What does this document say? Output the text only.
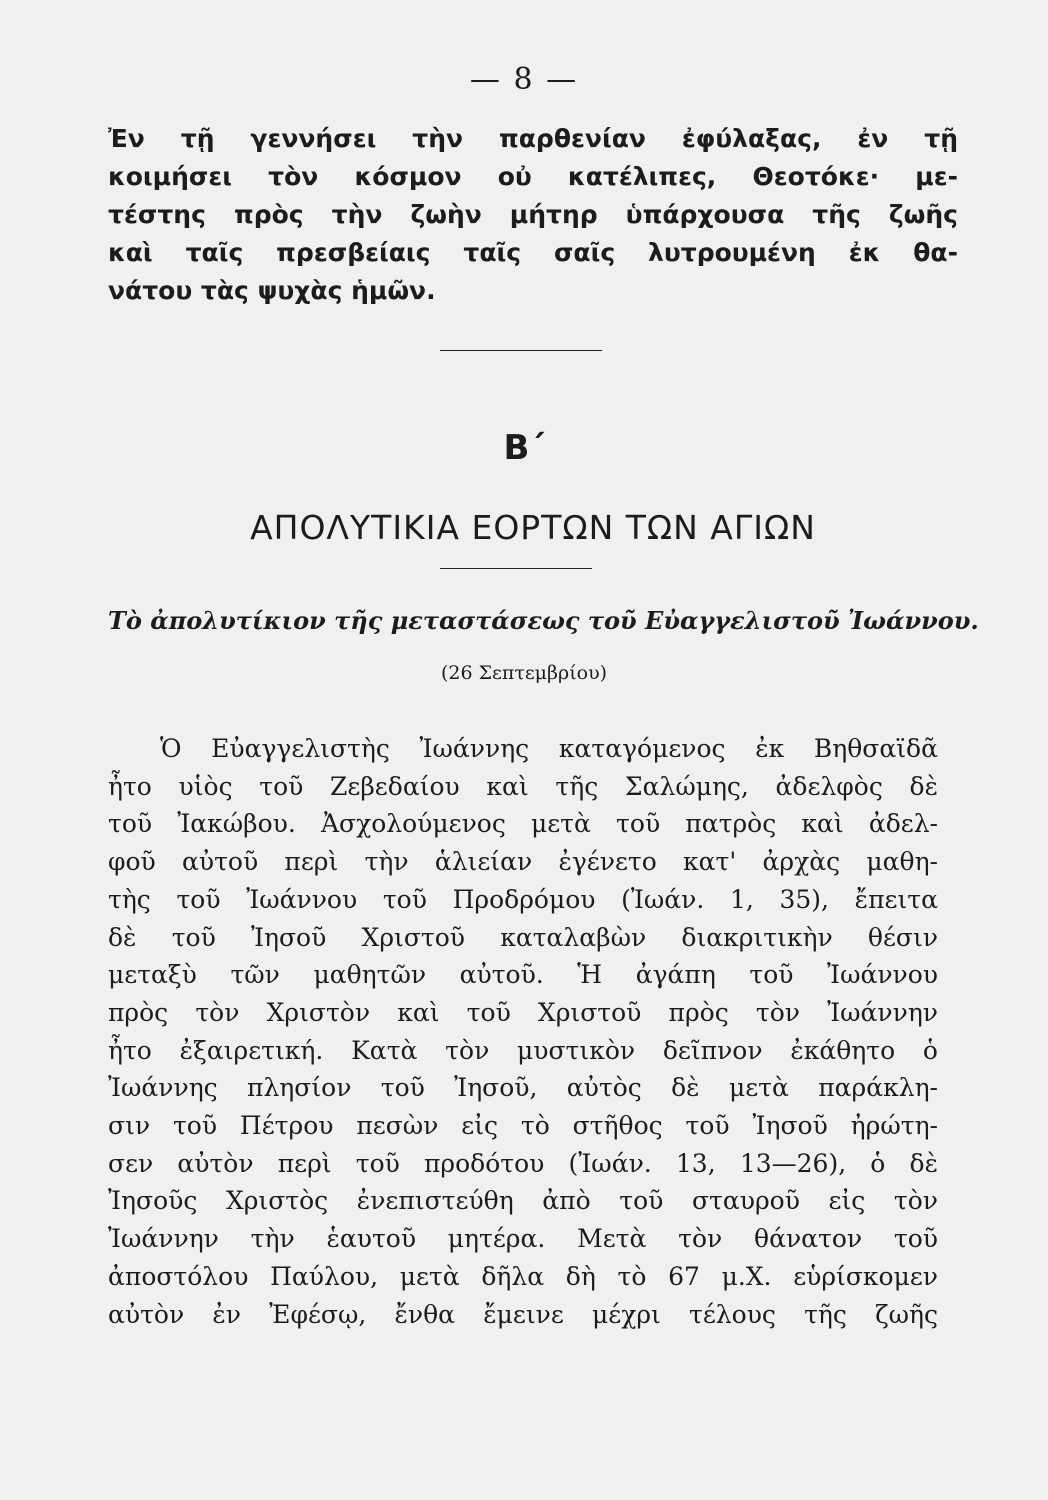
— 8 —
Ἐν τῇ γεννήσει τὴν παρθενίαν ἐφύλαξας, ἐν τῇ
κοιμήσει τὸν κόσμον οὐ κατέλιπες, Θεοτόκε· με-
τέστης πρὸς τὴν ζωὴν μήτηρ ὑπάρχουσα τῆς ζωῆς
καὶ ταῖς πρεσβείαις ταῖς σαῖς λυτρουμένη ἐκ θα-
νάτου τὰς ψυχὰς ἡμῶν.
Β΄
ΑΠΟΛΥΤΙΚΙΑ ΕΟΡΤΩΝ ΤΩΝ ΑΓΙΩΝ
Τὸ ἀπολυτίκιον τῆς μεταστάσεως τοῦ Εὐαγγελιστοῦ Ἰωάννου.
(26 Σεπτεμβρίου)
Ὁ Εὐαγγελιστὴς Ἰωάννης καταγόμενος ἐκ Βηθσαϊδᾶ
ἦτο υἱὸς τοῦ Ζεβεδαίου καὶ τῆς Σαλώμης, ἀδελφὸς δὲ
τοῦ Ἰακώβου. Ἀσχολούμενος μετὰ τοῦ πατρὸς καὶ ἀδελ-
φοῦ αὐτοῦ περὶ τὴν ἁλιείαν ἐγένετο κατ' ἀρχὰς μαθη-
τὴς τοῦ Ἰωάννου τοῦ Προδρόμου (Ἰωάν. 1, 35), ἔπειτα
δὲ τοῦ Ἰησοῦ Χριστοῦ καταλαβὼν διακριτικὴν θέσιν
μεταξὺ τῶν μαθητῶν αὐτοῦ. Ἡ ἀγάπη τοῦ Ἰωάννου
πρὸς τὸν Χριστὸν καὶ τοῦ Χριστοῦ πρὸς τὸν Ἰωάννην
ἦτο ἐξαιρετική. Κατὰ τὸν μυστικὸν δεῖπνον ἐκάθητο ὁ
Ἰωάννης πλησίον τοῦ Ἰησοῦ, αὐτὸς δὲ μετὰ παράκλη-
σιν τοῦ Πέτρου πεσὼν εἰς τὸ στῆθος τοῦ Ἰησοῦ ἠρώτη-
σεν αὐτὸν περὶ τοῦ προδότου (Ἰωάν. 13, 13—26), ὁ δὲ
Ἰησοῦς Χριστὸς ἐνεπιστεύθη ἀπὸ τοῦ σταυροῦ εἰς τὸν
Ἰωάννην τὴν ἑαυτοῦ μητέρα. Μετὰ τὸν θάνατον τοῦ
ἀποστόλου Παύλου, μετὰ δῆλα δὴ τὸ 67 μ.Χ. εὑρίσκομεν
αὐτὸν ἐν Ἐφέσῳ, ἔνθα ἔμεινε μέχρι τέλους τῆς ζωῆς
